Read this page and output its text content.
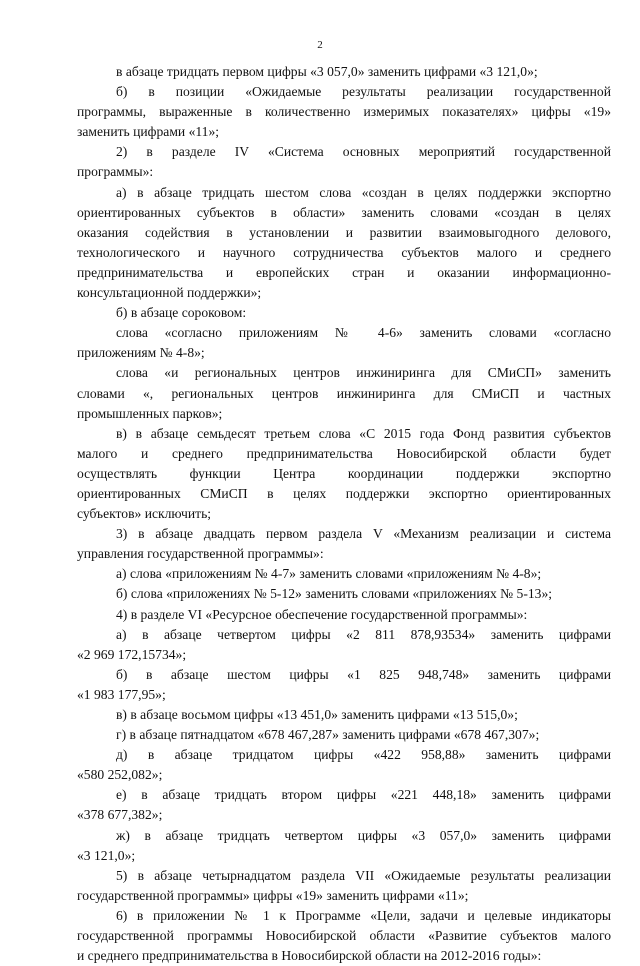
2
в абзаце тридцать первом цифры «3 057,0» заменить цифрами «3 121,0»;
б) в позиции «Ожидаемые результаты реализации государственной
программы, выраженные в количественно измеримых показателях» цифры «19»
заменить цифрами «11»;
2) в разделе IV «Система основных мероприятий государственной
программы»:
а) в абзаце тридцать шестом слова «создан в целях поддержки экспортно
ориентированных субъектов в области» заменить словами «создан в целях
оказания содействия в установлении и развитии взаимовыгодного делового,
технологического и научного сотрудничества субъектов малого и среднего
предпринимательства и европейских стран и оказании информационно-
консультационной поддержки»;
б) в абзаце сороковом:
слова «согласно приложениям № 4-6» заменить словами «согласно
приложениям № 4-8»;
слова «и региональных центров инжиниринга для СМиСП» заменить
словами «, региональных центров инжиниринга для СМиСП и частных
промышленных парков»;
в) в абзаце семьдесят третьем слова «С 2015 года Фонд развития субъектов
малого и среднего предпринимательства Новосибирской области будет
осуществлять функции Центра координации поддержки экспортно
ориентированных СМиСП в целях поддержки экспортно ориентированных
субъектов» исключить;
3) в абзаце двадцать первом раздела V «Механизм реализации и система
управления государственной программы»:
а) слова «приложениям № 4-7» заменить словами «приложениям № 4-8»;
б) слова «приложениях № 5-12» заменить словами «приложениях № 5-13»;
4) в разделе VI «Ресурсное обеспечение государственной программы»:
а) в абзаце четвертом цифры «2 811 878,93534» заменить цифрами
«2 969 172,15734»;
б) в абзаце шестом цифры «1 825 948,748» заменить цифрами
«1 983 177,95»;
в) в абзаце восьмом цифры «13 451,0» заменить цифрами «13 515,0»;
г) в абзаце пятнадцатом «678 467,287» заменить цифрами «678 467,307»;
д) в абзаце тридцатом цифры «422 958,88» заменить цифрами
«580 252,082»;
е) в абзаце тридцать втором цифры «221 448,18» заменить цифрами
«378 677,382»;
ж) в абзаце тридцать четвертом цифры «3 057,0» заменить цифрами
«3 121,0»;
5) в абзаце четырнадцатом раздела VII «Ожидаемые результаты реализации
государственной программы» цифры «19» заменить цифрами «11»;
6) в приложении № 1 к Программе «Цели, задачи и целевые индикаторы
государственной программы Новосибирской области «Развитие субъектов малого
и среднего предпринимательства в Новосибирской области на 2012-2016 годы»:
